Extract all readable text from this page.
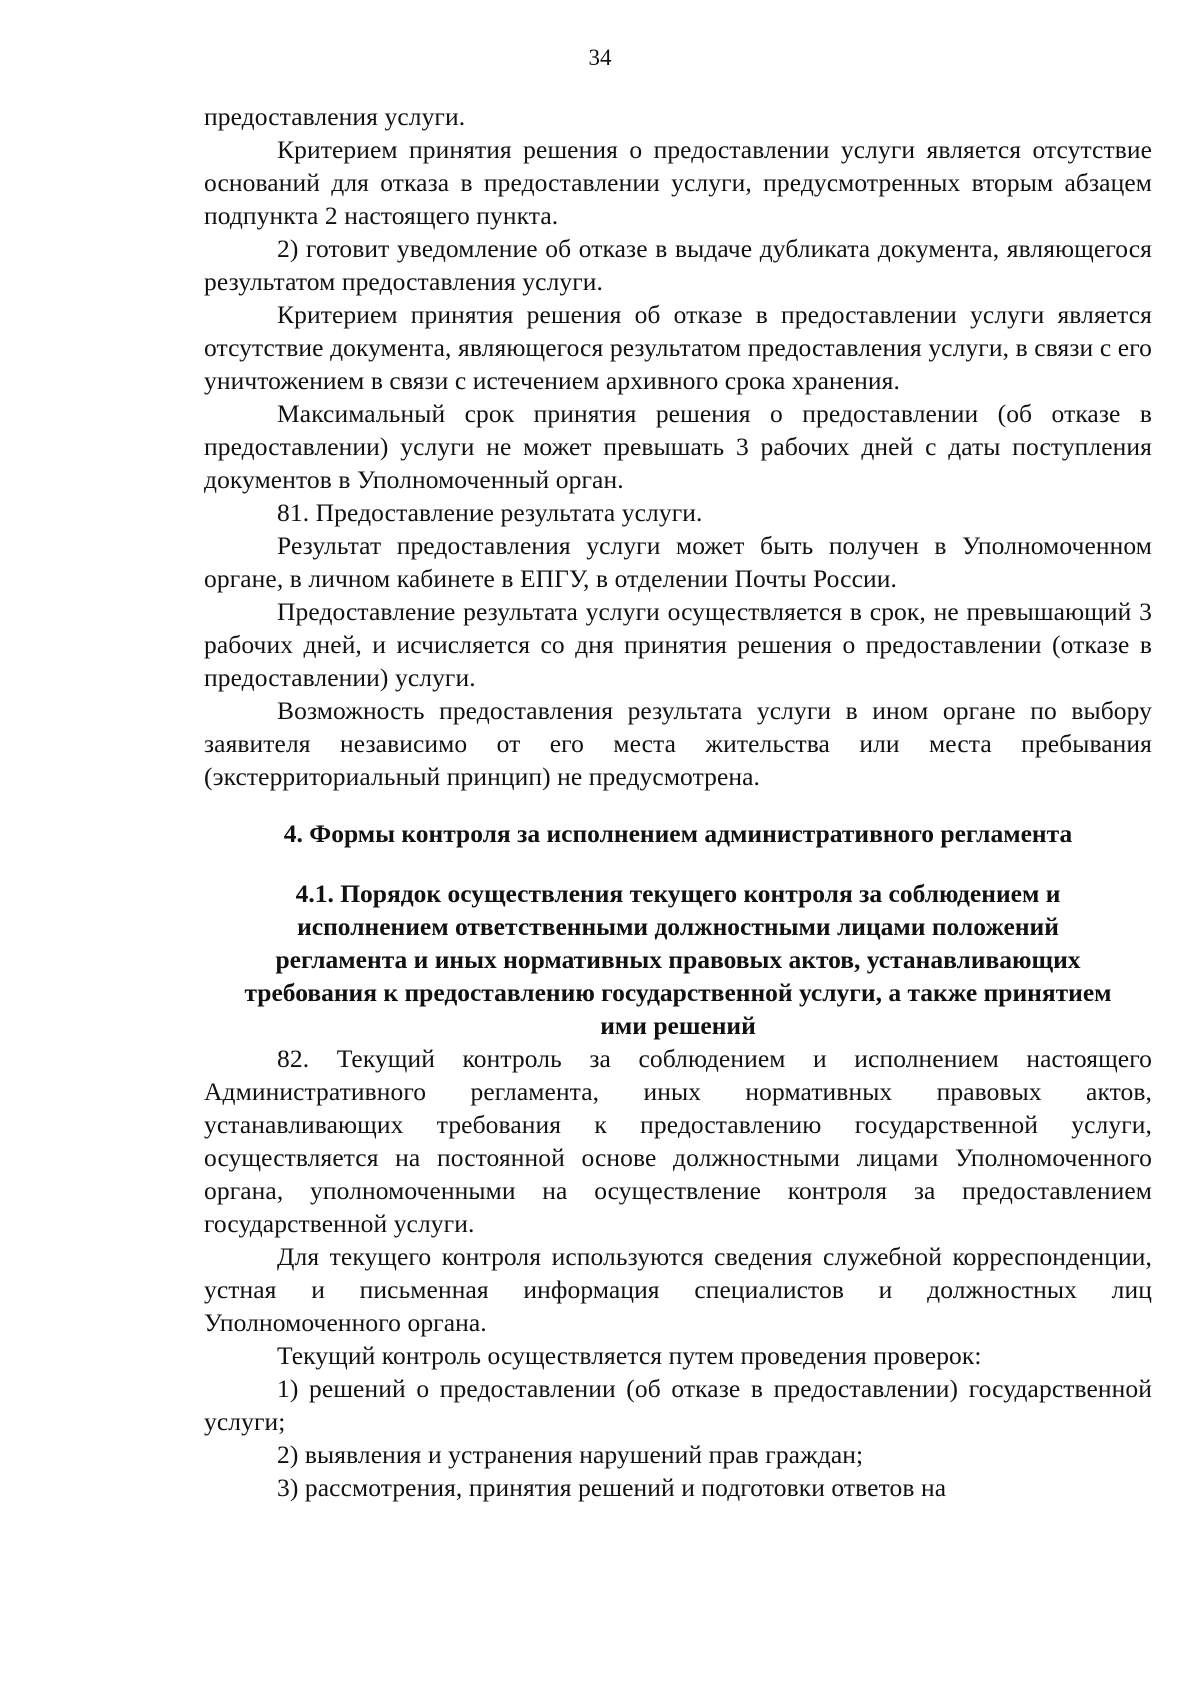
34

предоставления услуги.

Критерием принятия решения о предоставлении услуги является отсутствие оснований для отказа в предоставлении услуги, предусмотренных вторым абзацем подпункта 2 настоящего пункта.

2) готовит уведомление об отказе в выдаче дубликата документа, являющегося результатом предоставления услуги.

Критерием принятия решения об отказе в предоставлении услуги является отсутствие документа, являющегося результатом предоставления услуги, в связи с его уничтожением в связи с истечением архивного срока хранения.

Максимальный срок принятия решения о предоставлении (об отказе в предоставлении) услуги не может превышать 3 рабочих дней с даты поступления документов в Уполномоченный орган.

81. Предоставление результата услуги.

Результат предоставления услуги может быть получен в Уполномоченном органе, в личном кабинете в ЕПГУ, в отделении Почты России.

Предоставление результата услуги осуществляется в срок, не превышающий 3 рабочих дней, и исчисляется со дня принятия решения о предоставлении (отказе в предоставлении) услуги.

Возможность предоставления результата услуги в ином органе по выбору заявителя независимо от его места жительства или места пребывания (экстерриториальный принцип) не предусмотрена.

4. Формы контроля за исполнением административного регламента
4.1. Порядок осуществления текущего контроля за соблюдением и исполнением ответственными должностными лицами положений регламента и иных нормативных правовых актов, устанавливающих требования к предоставлению государственной услуги, а также принятием ими решений

82. Текущий контроль за соблюдением и исполнением настоящего Административного регламента, иных нормативных правовых актов, устанавливающих требования к предоставлению государственной услуги, осуществляется на постоянной основе должностными лицами Уполномоченного органа, уполномоченными на осуществление контроля за предоставлением государственной услуги.

Для текущего контроля используются сведения служебной корреспонденции, устная и письменная информация специалистов и должностных лиц Уполномоченного органа.

Текущий контроль осуществляется путем проведения проверок:

1) решений о предоставлении (об отказе в предоставлении) государственной услуги;

2) выявления и устранения нарушений прав граждан;

3) рассмотрения, принятия решений и подготовки ответов на
